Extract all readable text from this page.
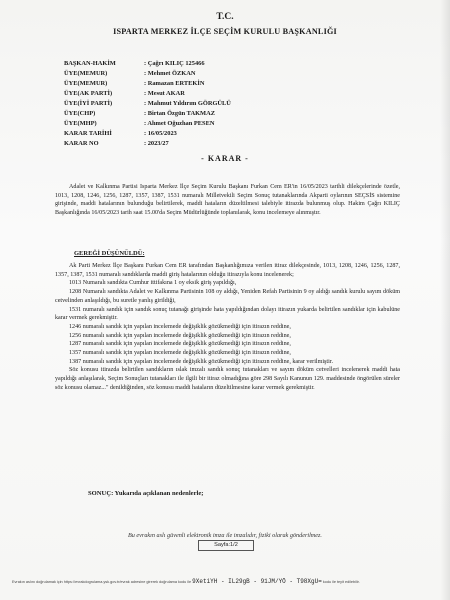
T.C.
ISPARTA MERKEZ İLÇE SEÇİM KURULU BAŞKANLIĞI
BAŞKAN-HAKİM	: Çağrı KILIÇ 125466
ÜYE(MEMUR)	: Mehmet ÖZKAN
ÜYE(MEMUR)	: Ramazan ERTEKİN
ÜYE(AK PARTİ)	: Mesut AKAR
ÜYE(İYİ PARTİ)	: Mahmut Yıldırım GÖRGÜLÜ
ÜYE(CHP)	: Birtan Özgün TAKMAZ
ÜYE(MHP)	: Ahmet Oğuzhan PESEN
KARAR TARİHİ	: 16/05/2023
KARAR NO	: 2023/27
- KARAR -

Adalet ve Kalkınma Partisi Isparta Merkez İlçe Seçim Kurulu Başkanı Furkan Cem ER'in 16/05/2023 tarihli dilekçelerinde özetle, 1013, 1208, 1246, 1256, 1287, 1357, 1387, 1531 numaralı Milletvekili Seçim Sonuç tutanaklarında Akparti oylarının SEÇSİS sistemine girişinde, maddi hatalarının bulunduğu belirtilerek, maddi hataların düzeltilmesi talebiyle itirazda bulunmuş olup. Hakim Çağrı KILIÇ Başkanlığında 16/05/2023 tarih saat 15.00'da Seçim Müdürlüğünde toplanılarak, konu incelemeye alınmıştır.

GEREĞİ DÜŞÜNÜLDÜ:

Ak Parti Merkez İlçe Başkanı Furkan Cem ER tarafından Başkanlığımıza verilen itiraz dilekçesinde, 1013, 1208, 1246, 1256, 1287, 1357, 1387, 1531 numaralı sandıklarda maddi giriş hatalarının olduğu itirazıyla konu incelenerek;

1013 Numaralı sandıkta Cumhur ittifakına 1 oy eksik giriş yapıldığı,

1208 Numaralı sandıkta Adalet ve Kalkınma Partisinin 108 oy aldığı, Yeniden Refah Partisinin 9 oy aldığı sandık kurulu sayım döküm cetvelinden anlaşıldığı, bu suretle yanlış girildiği,

1531 numaralı sandık için sandık sonuç tutanağı girişinde hata yapıldığından dolayı itirazın yukarda belirtilen sandıklar için kabulüne karar vermek gerekmiştir.

1246 numaralı sandık için yapılan incelemede değişiklik gözükmediği için itirazın reddine,

1256 numaralı sandık için yapılan incelemede değişiklik gözükmediği için itirazın reddine,

1287 numaralı sandık için yapılan incelemede değişiklik gözükmediği için itirazın reddine,

1357 numaralı sandık için yapılan incelemede değişiklik gözükmediği için itirazın reddine,

1387 numaralı sandık için yapılan incelemede değişiklik gözükmediği için itirazın reddine, karar verilmiştir.

Söz konusu itirazda belirtilen sandıkların ıslak imzalı sandık sonuç tutanakları ve sayım döküm cetvelleri incelenerek maddi hata yapıldığı anlaşılarak, Seçim Sonuçları tutanakları ile ilgili bir itiraz olmadığına göre 298 Sayılı Kanunun 129. maddesinde öngörülen süreler söz konusu olamaz..." denildiğinden, söz konusu maddi hataların düzeltilmesine karar vermek gerekmiştir.

SONUÇ: Yukarıda açıklanan nedenlerle;
Bu evrakın aslı güvenli elektronik imza ile imzalıdır, fiziki olarak gönderilmez.
Sayfa:1/2
Evrakın aslını doğrulamak için https://evrakdogrulama.ysk.gov.tr/evrak adresine girerek doğrulama kodu ile 9XetiYH - IL29gB - 91JM/YÖ - T98XgU= kodu ile teyit edilebilir.
